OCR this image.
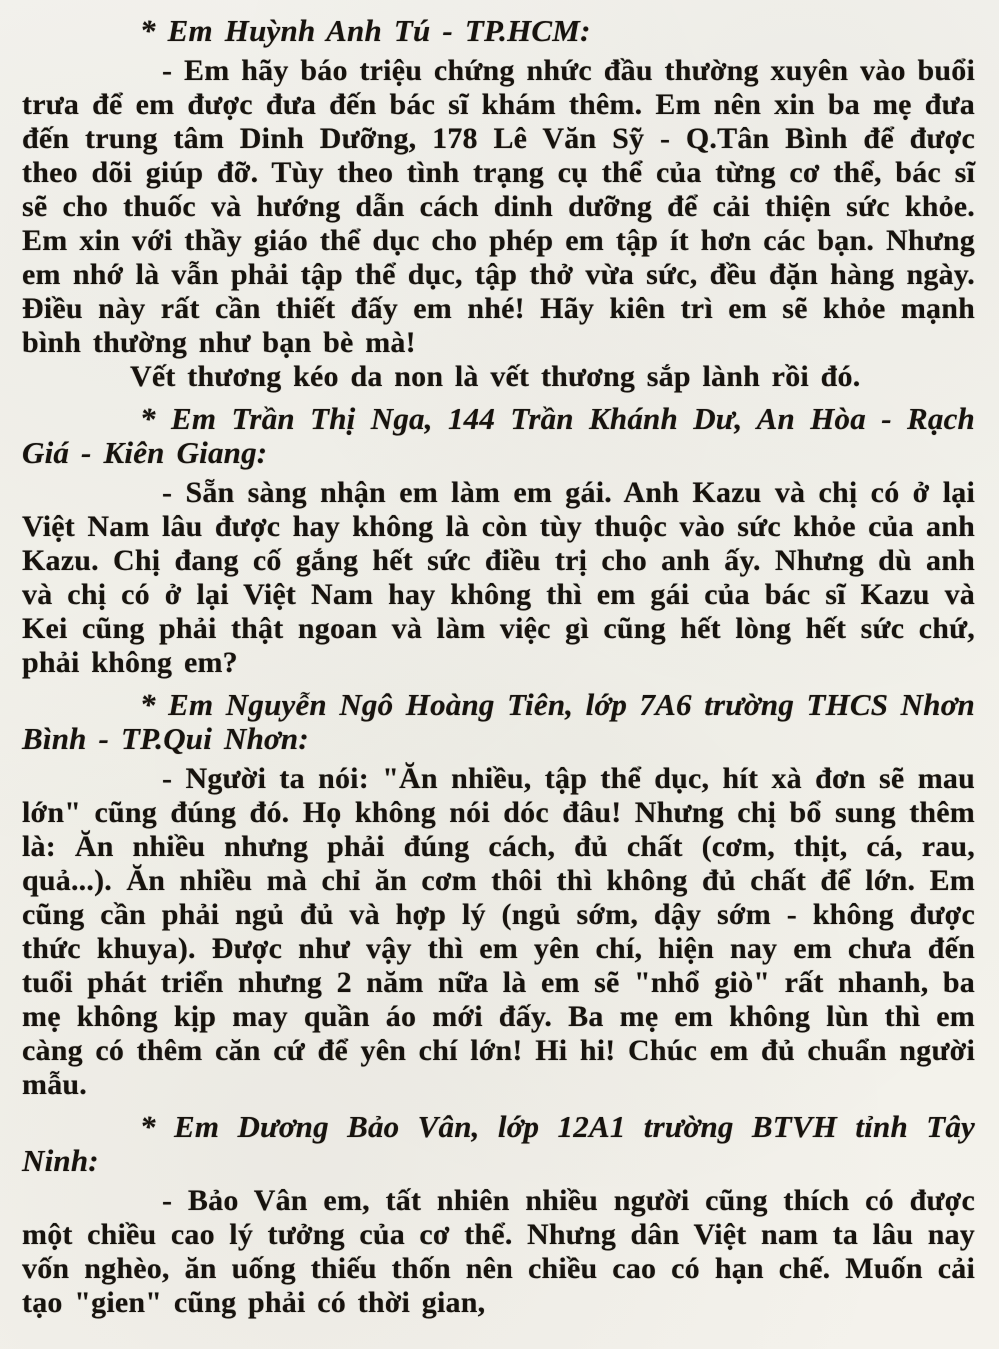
* Em Huỳnh Anh Tú - TP.HCM:

- Em hãy báo triệu chứng nhức đầu thường xuyên vào buổi trưa để em được đưa đến bác sĩ khám thêm. Em nên xin ba mẹ đưa đến trung tâm Dinh Dưỡng, 178 Lê Văn Sỹ - Q.Tân Bình để được theo dõi giúp đỡ. Tùy theo tình trạng cụ thể của từng cơ thể, bác sĩ sẽ cho thuốc và hướng dẫn cách dinh dưỡng để cải thiện sức khỏe. Em xin với thầy giáo thể dục cho phép em tập ít hơn các bạn. Nhưng em nhớ là vẫn phải tập thể dục, tập thở vừa sức, đều đặn hàng ngày. Điều này rất cần thiết đấy em nhé! Hãy kiên trì em sẽ khỏe mạnh bình thường như bạn bè mà!

Vết thương kéo da non là vết thương sắp lành rồi đó.

* Em Trần Thị Nga, 144 Trần Khánh Dư, An Hòa - Rạch Giá - Kiên Giang:

- Sẵn sàng nhận em làm em gái. Anh Kazu và chị có ở lại Việt Nam lâu được hay không là còn tùy thuộc vào sức khỏe của anh Kazu. Chị đang cố gắng hết sức điều trị cho anh ấy. Nhưng dù anh và chị có ở lại Việt Nam hay không thì em gái của bác sĩ Kazu và Kei cũng phải thật ngoan và làm việc gì cũng hết lòng hết sức chứ, phải không em?

* Em Nguyễn Ngô Hoàng Tiên, lớp 7A6 trường THCS Nhơn Bình - TP.Qui Nhơn:

- Người ta nói: "Ăn nhiều, tập thể dục, hít xà đơn sẽ mau lớn" cũng đúng đó. Họ không nói dóc đâu! Nhưng chị bổ sung thêm là: Ăn nhiều nhưng phải đúng cách, đủ chất (cơm, thịt, cá, rau, quả...). Ăn nhiều mà chỉ ăn cơm thôi thì không đủ chất để lớn. Em cũng cần phải ngủ đủ và hợp lý (ngủ sớm, dậy sớm - không được thức khuya). Được như vậy thì em yên chí, hiện nay em chưa đến tuổi phát triển nhưng 2 năm nữa là em sẽ "nhổ giò" rất nhanh, ba mẹ không kịp may quần áo mới đấy. Ba mẹ em không lùn thì em càng có thêm căn cứ để yên chí lớn! Hi hi! Chúc em đủ chuẩn người mẫu.

* Em Dương Bảo Vân, lớp 12A1 trường BTVH tỉnh Tây Ninh:

- Bảo Vân em, tất nhiên nhiều người cũng thích có được một chiều cao lý tưởng của cơ thể. Nhưng dân Việt nam ta lâu nay vốn nghèo, ăn uống thiếu thốn nên chiều cao có hạn chế. Muốn cải tạo "gien" cũng phải có thời gian,
